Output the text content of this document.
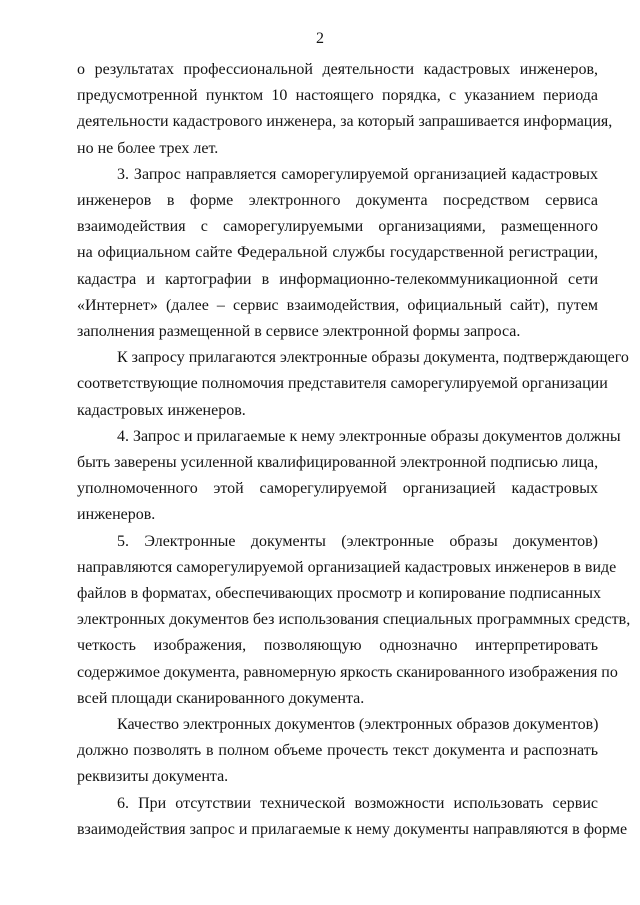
2
о результатах профессиональной деятельности кадастровых инженеров,
предусмотренной пунктом 10 настоящего порядка, с указанием периода
деятельности кадастрового инженера, за который запрашивается информация,
но не более трех лет.
3. Запрос направляется саморегулируемой организацией кадастровых
инженеров в форме электронного документа посредством сервиса
взаимодействия с саморегулируемыми организациями, размещенного
на официальном сайте Федеральной службы государственной регистрации,
кадастра и картографии в информационно-телекоммуникационной сети
«Интернет» (далее – сервис взаимодействия, официальный сайт), путем
заполнения размещенной в сервисе электронной формы запроса.
К запросу прилагаются электронные образы документа, подтверждающего
соответствующие полномочия представителя саморегулируемой организации
кадастровых инженеров.
4. Запрос и прилагаемые к нему электронные образы документов должны
быть заверены усиленной квалифицированной электронной подписью лица,
уполномоченного этой саморегулируемой организацией кадастровых
инженеров.
5. Электронные документы (электронные образы документов)
направляются саморегулируемой организацией кадастровых инженеров в виде
файлов в форматах, обеспечивающих просмотр и копирование подписанных
электронных документов без использования специальных программных средств,
четкость изображения, позволяющую однозначно интерпретировать
содержимое документа, равномерную яркость сканированного изображения по
всей площади сканированного документа.
Качество электронных документов (электронных образов документов)
должно позволять в полном объеме прочесть текст документа и распознать
реквизиты документа.
6. При отсутствии технической возможности использовать сервис
взаимодействия запрос и прилагаемые к нему документы направляются в форме
